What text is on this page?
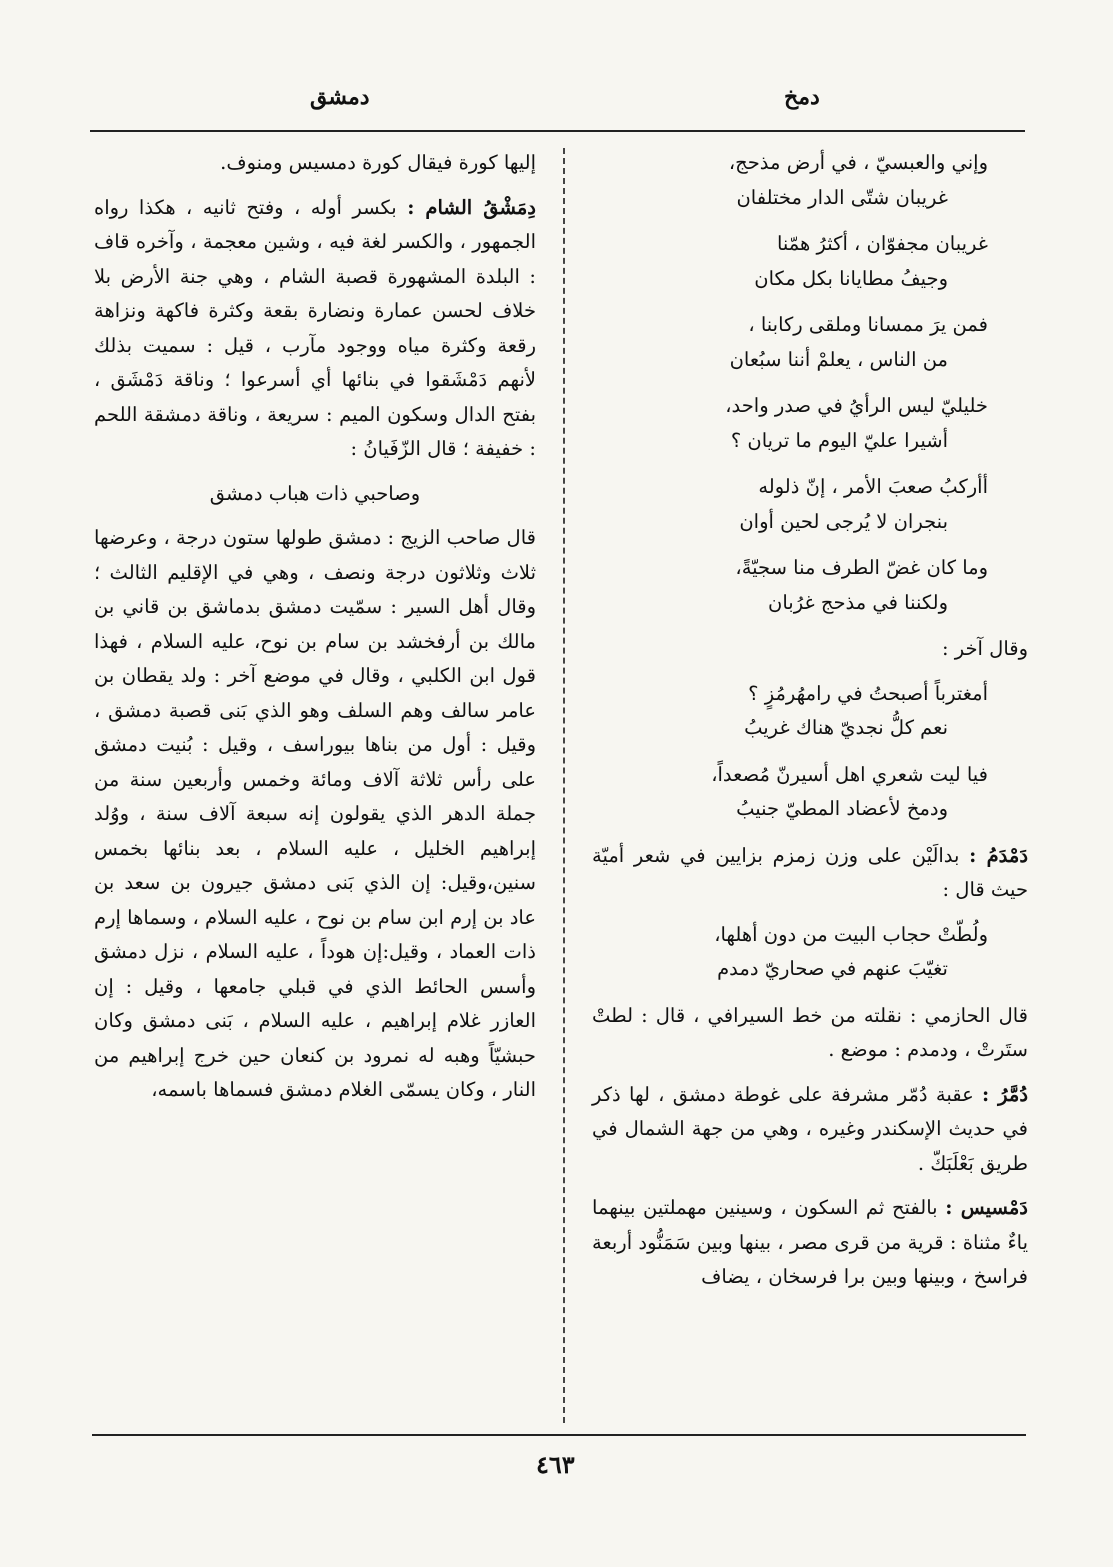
دمشق	دمخ
وإني والعبسيّ ، في أرض مذحج،
غريبان شتّى الدار مختلفان
غريبان مجفوّان ، أكثرُ همّنا
وجيفُ مطايانا بكل مكان
فمن يرَ ممسانا وملقى ركابنا ،
من الناس ، يعلمْ أننا سبُعان
خليليّ ليس الرأيُ في صدر واحد،
أشيرا عليّ اليوم ما تريان ؟
أأركبُ صعبَ الأمر ، إنّ ذلوله
بنجران لا يُرجى لحين أوان
وما كان غضّ الطرف منا سجيّةً،
ولكننا في مذحج غرُبان

وقال آخر :

أمغترباً أصبحتُ في رامهُرمُزٍ ؟
نعم كلُّ نجديّ هناك غريبُ
فيا ليت شعري اهل أسيرنّ مُصعداً،
ودمخ لأعضاد المطيّ جنيبُ

دَمْدَمُ : بدالَيْن على وزن زمزم بزايين في شعر أميّة حيث قال :

ولُطّتْ حجاب البيت من دون أهلها،
تغيّبَ عنهم في صحاريّ دمدم

قال الحازمي : نقلته من خط السيرافي ، قال : لطتْ ستَرتْ ، ودمدم : موضع .

دُمَّرُ : عقبة دُمّر مشرفة على غوطة دمشق ، لها ذكر في حديث الإسكندر وغيره ، وهي من جهة الشمال في طريق بَعْلَبَكّ .

دَمْسيس : بالفتح ثم السكون ، وسينين مهملتين بينهما ياءٌ مثناة : قرية من قرى مصر ، بينها وبين سَمَنُّود أربعة فراسخ ، وبينها وبين برا فرسخان ، يضاف

إليها كورة فيقال كورة دمسيس ومنوف.

دِمَشْقُ الشام : بكسر أوله ، وفتح ثانيه ، هكذا رواه الجمهور ، والكسر لغة فيه ، وشين معجمة ، وآخره قاف : البلدة المشهورة قصبة الشام ، وهي جنة الأرض بلا خلاف لحسن عمارة ونضارة بقعة وكثرة فاكهة ونزاهة رقعة وكثرة مياه ووجود مآرب ، قيل : سميت بذلك لأنهم دَمْشَقوا في بنائها أي أسرعوا ؛ وناقة دَمْشَق ، بفتح الدال وسكون الميم : سريعة ، وناقة دمشقة اللحم : خفيفة ؛ قال الزّفَيانُ :

وصاحبي ذات هباب دمشق

قال صاحب الزيج : دمشق طولها ستون درجة ، وعرضها ثلاث وثلاثون درجة ونصف ، وهي في الإقليم الثالث ؛ وقال أهل السير : سمّيت دمشق بدماشق بن قاني بن مالك بن أرفخشد بن سام بن نوح، عليه السلام ، فهذا قول ابن الكلبي ، وقال في موضع آخر : ولد يقطان بن عامر سالف وهم السلف وهو الذي بَنى قصبة دمشق ، وقيل : أول من بناها بيوراسف ، وقيل : بُنيت دمشق على رأس ثلاثة آلاف ومائة وخمس وأربعين سنة من جملة الدهر الذي يقولون إنه سبعة آلاف سنة ، ووُلد إبراهيم الخليل ، عليه السلام ، بعد بنائها بخمس سنين،وقيل: إن الذي بَنى دمشق جيرون بن سعد بن عاد بن إرم ابن سام بن نوح ، عليه السلام ، وسماها إرم ذات العماد ، وقيل:إن هوداً ، عليه السلام ، نزل دمشق وأسس الحائط الذي في قبلي جامعها ، وقيل : إن العازر غلام إبراهيم ، عليه السلام ، بَنى دمشق وكان حبشيّاً وهبه له نمرود بن كنعان حين خرج إبراهيم من النار ، وكان يسمّى الغلام دمشق فسماها باسمه،

٤٦٣
